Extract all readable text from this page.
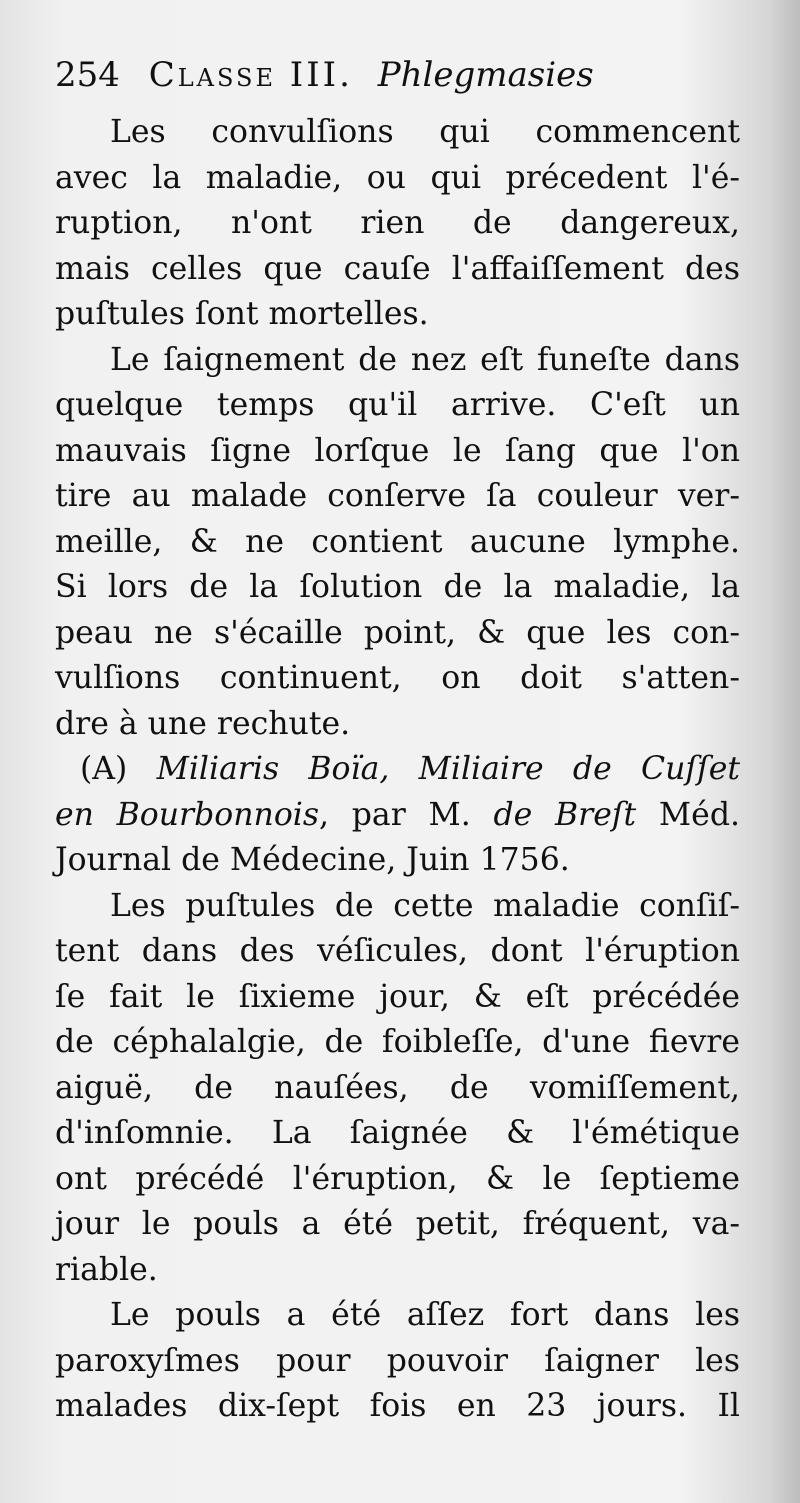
254 Classe III. Phlegmasies

Les convulſions qui commencent
avec la maladie, ou qui précedent l'é-
ruption, n'ont rien de dangereux,
mais celles que cauſe l'affaiſſement des
puſtules ſont mortelles.

Le ſaignement de nez eſt funeſte dans
quelque temps qu'il arrive. C'eſt un
mauvais ſigne lorſque le ſang que l'on
tire au malade conſerve ſa couleur ver-
meille, & ne contient aucune lymphe.
Si lors de la ſolution de la maladie, la
peau ne s'écaille point, & que les con-
vulſions continuent, on doit s'atten-
dre à une rechute.

(A) Miliaris Boïa, Miliaire de Cuſſet
en Bourbonnois, par M. de Breſt Méd.
Journal de Médecine, Juin 1756.

Les puſtules de cette maladie conſiſ-
tent dans des véſicules, dont l'éruption
ſe fait le ſixieme jour, & eſt précédée
de céphalalgie, de foibleſſe, d'une fievre
aiguë, de nauſées, de vomiſſement,
d'inſomnie. La ſaignée & l'émétique
ont précédé l'éruption, & le ſeptieme
jour le pouls a été petit, fréquent, va-
riable.

Le pouls a été aſſez fort dans les
paroxyſmes pour pouvoir ſaigner les
malades dix-ſept fois en 23 jours. Il
